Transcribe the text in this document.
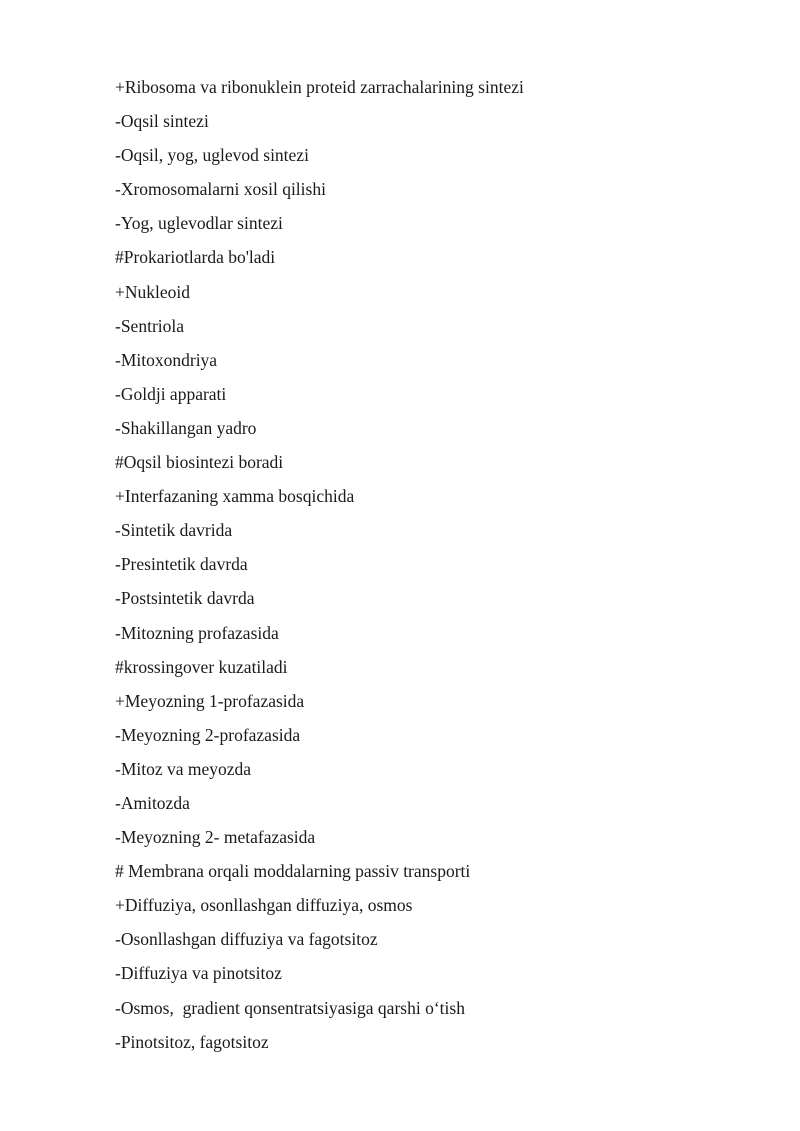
+Ribosoma va ribonuklein proteid zarrachalarining sintezi
-Oqsil sintezi
-Oqsil, yog, uglevod sintezi
-Xromosomalarni xosil qilishi
-Yog, uglevodlar sintezi
#Prokariotlarda bo'ladi
+Nukleoid
-Sentriola
-Mitoxondriya
-Goldji apparati
-Shakillangan yadro
#Oqsil biosintezi boradi
+Interfazaning xamma bosqichida
-Sintetik davrida
-Presintetik davrda
-Postsintetik davrda
-Mitozning profazasida
#krossingover kuzatiladi
+Meyozning 1-profazasida
-Meyozning 2-profazasida
-Mitoz va meyozda
-Amitozda
-Meyozning 2- metafazasida
# Membrana orqali moddalarning passiv transporti
+Diffuziya, osonllashgan diffuziya, osmos
-Osonllashgan diffuziya va fagotsitoz
-Diffuziya va pinotsitoz
-Osmos,  gradient qonsentratsiyasiga qarshi o‘tish
-Pinotsitoz, fagotsitoz
